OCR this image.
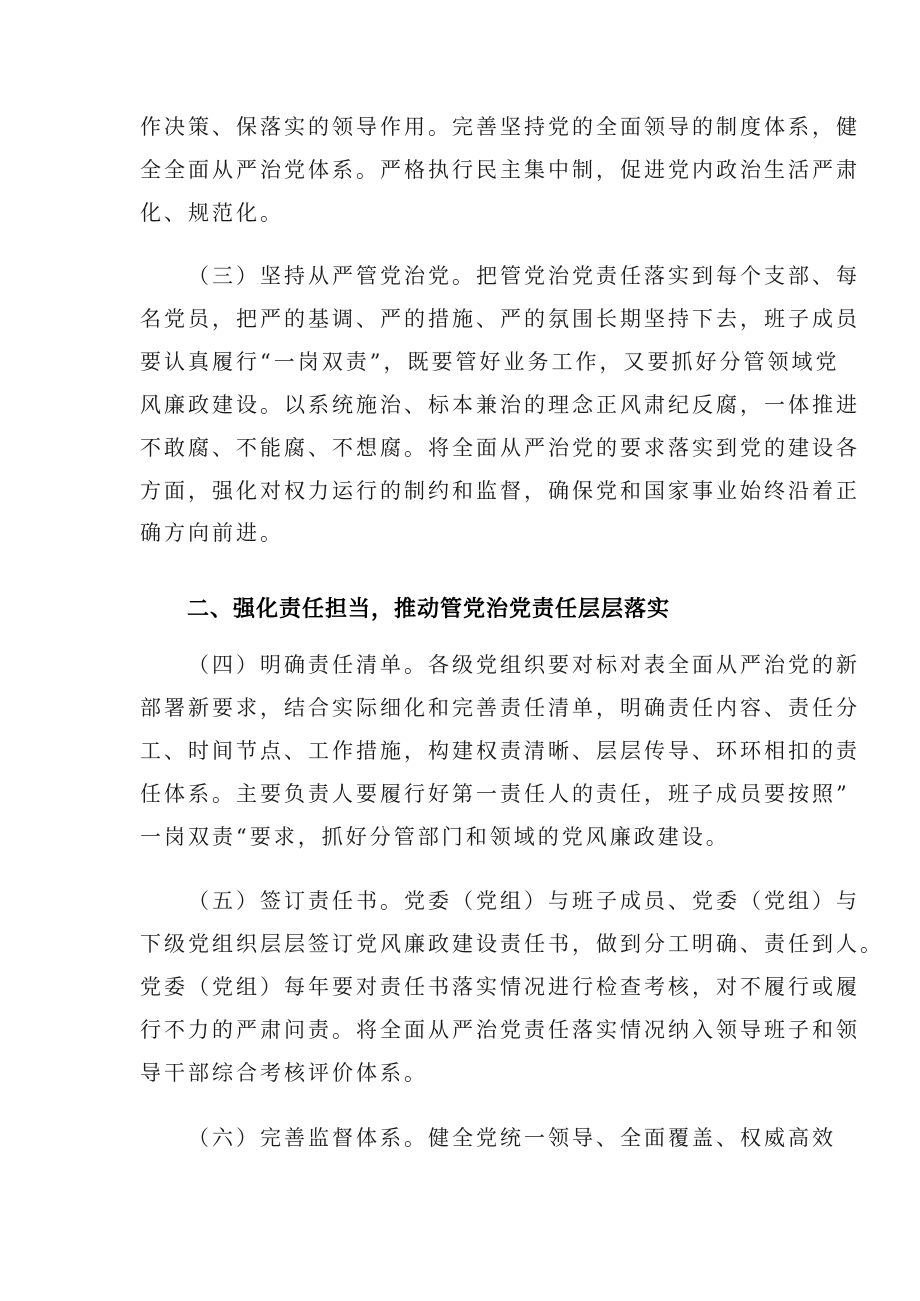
作决策、保落实的领导作用。完善坚持党的全面领导的制度体系，健
全全面从严治党体系。严格执行民主集中制，促进党内政治生活严肃
化、规范化。
（三）坚持从严管党治党。把管党治党责任落实到每个支部、每
名党员，把严的基调、严的措施、严的氛围长期坚持下去，班子成员
要认真履行“一岗双责”，既要管好业务工作，又要抓好分管领域党
风廉政建设。以系统施治、标本兼治的理念正风肃纪反腐，一体推进
不敢腐、不能腐、不想腐。将全面从严治党的要求落实到党的建设各
方面，强化对权力运行的制约和监督，确保党和国家事业始终沿着正
确方向前进。
二、强化责任担当，推动管党治党责任层层落实
（四）明确责任清单。各级党组织要对标对表全面从严治党的新
部署新要求，结合实际细化和完善责任清单，明确责任内容、责任分
工、时间节点、工作措施，构建权责清晰、层层传导、环环相扣的责
任体系。主要负责人要履行好第一责任人的责任，班子成员要按照”
一岗双责“要求，抓好分管部门和领域的党风廉政建设。
（五）签订责任书。党委（党组）与班子成员、党委（党组）与
下级党组织层层签订党风廉政建设责任书，做到分工明确、责任到人。
党委（党组）每年要对责任书落实情况进行检查考核，对不履行或履
行不力的严肃问责。将全面从严治党责任落实情况纳入领导班子和领
导干部综合考核评价体系。
（六）完善监督体系。健全党统一领导、全面覆盖、权威高效
